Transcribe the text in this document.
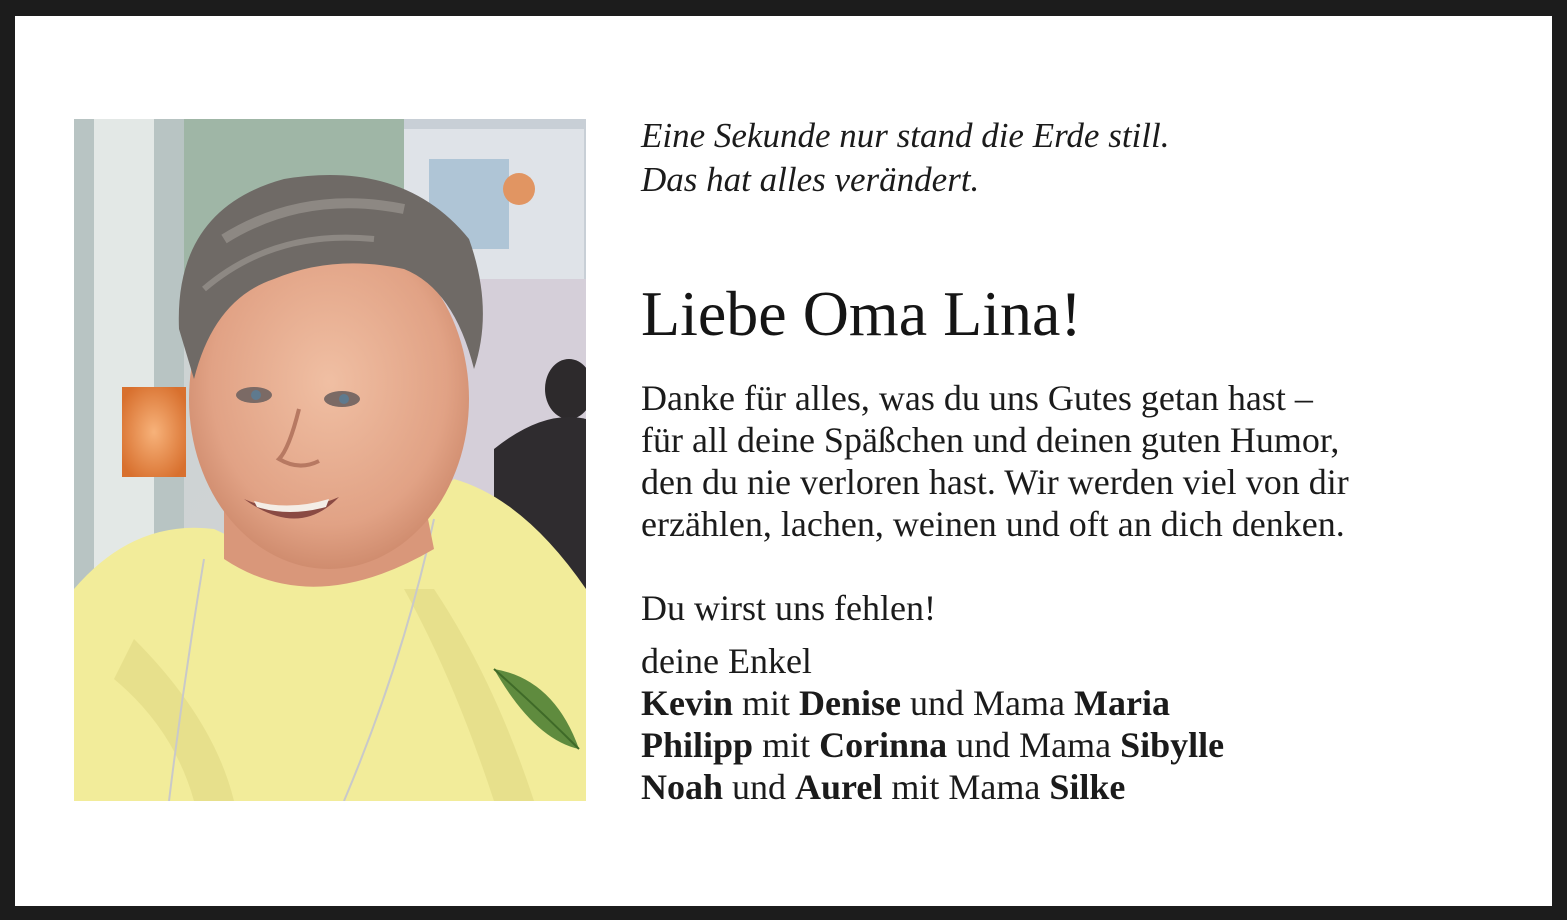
Eine Sekunde nur stand die Erde still.
Das hat alles verändert.
Liebe Oma Lina!
Danke für alles, was du uns Gutes getan hast –
für all deine Späßchen und deinen guten Humor,
den du nie verloren hast. Wir werden viel von dir
erzählen, lachen, weinen und oft an dich denken.
Du wirst uns fehlen!
deine Enkel
Kevin mit Denise und Mama Maria
Philipp mit Corinna und Mama Sibylle
Noah und Aurel mit Mama Silke
